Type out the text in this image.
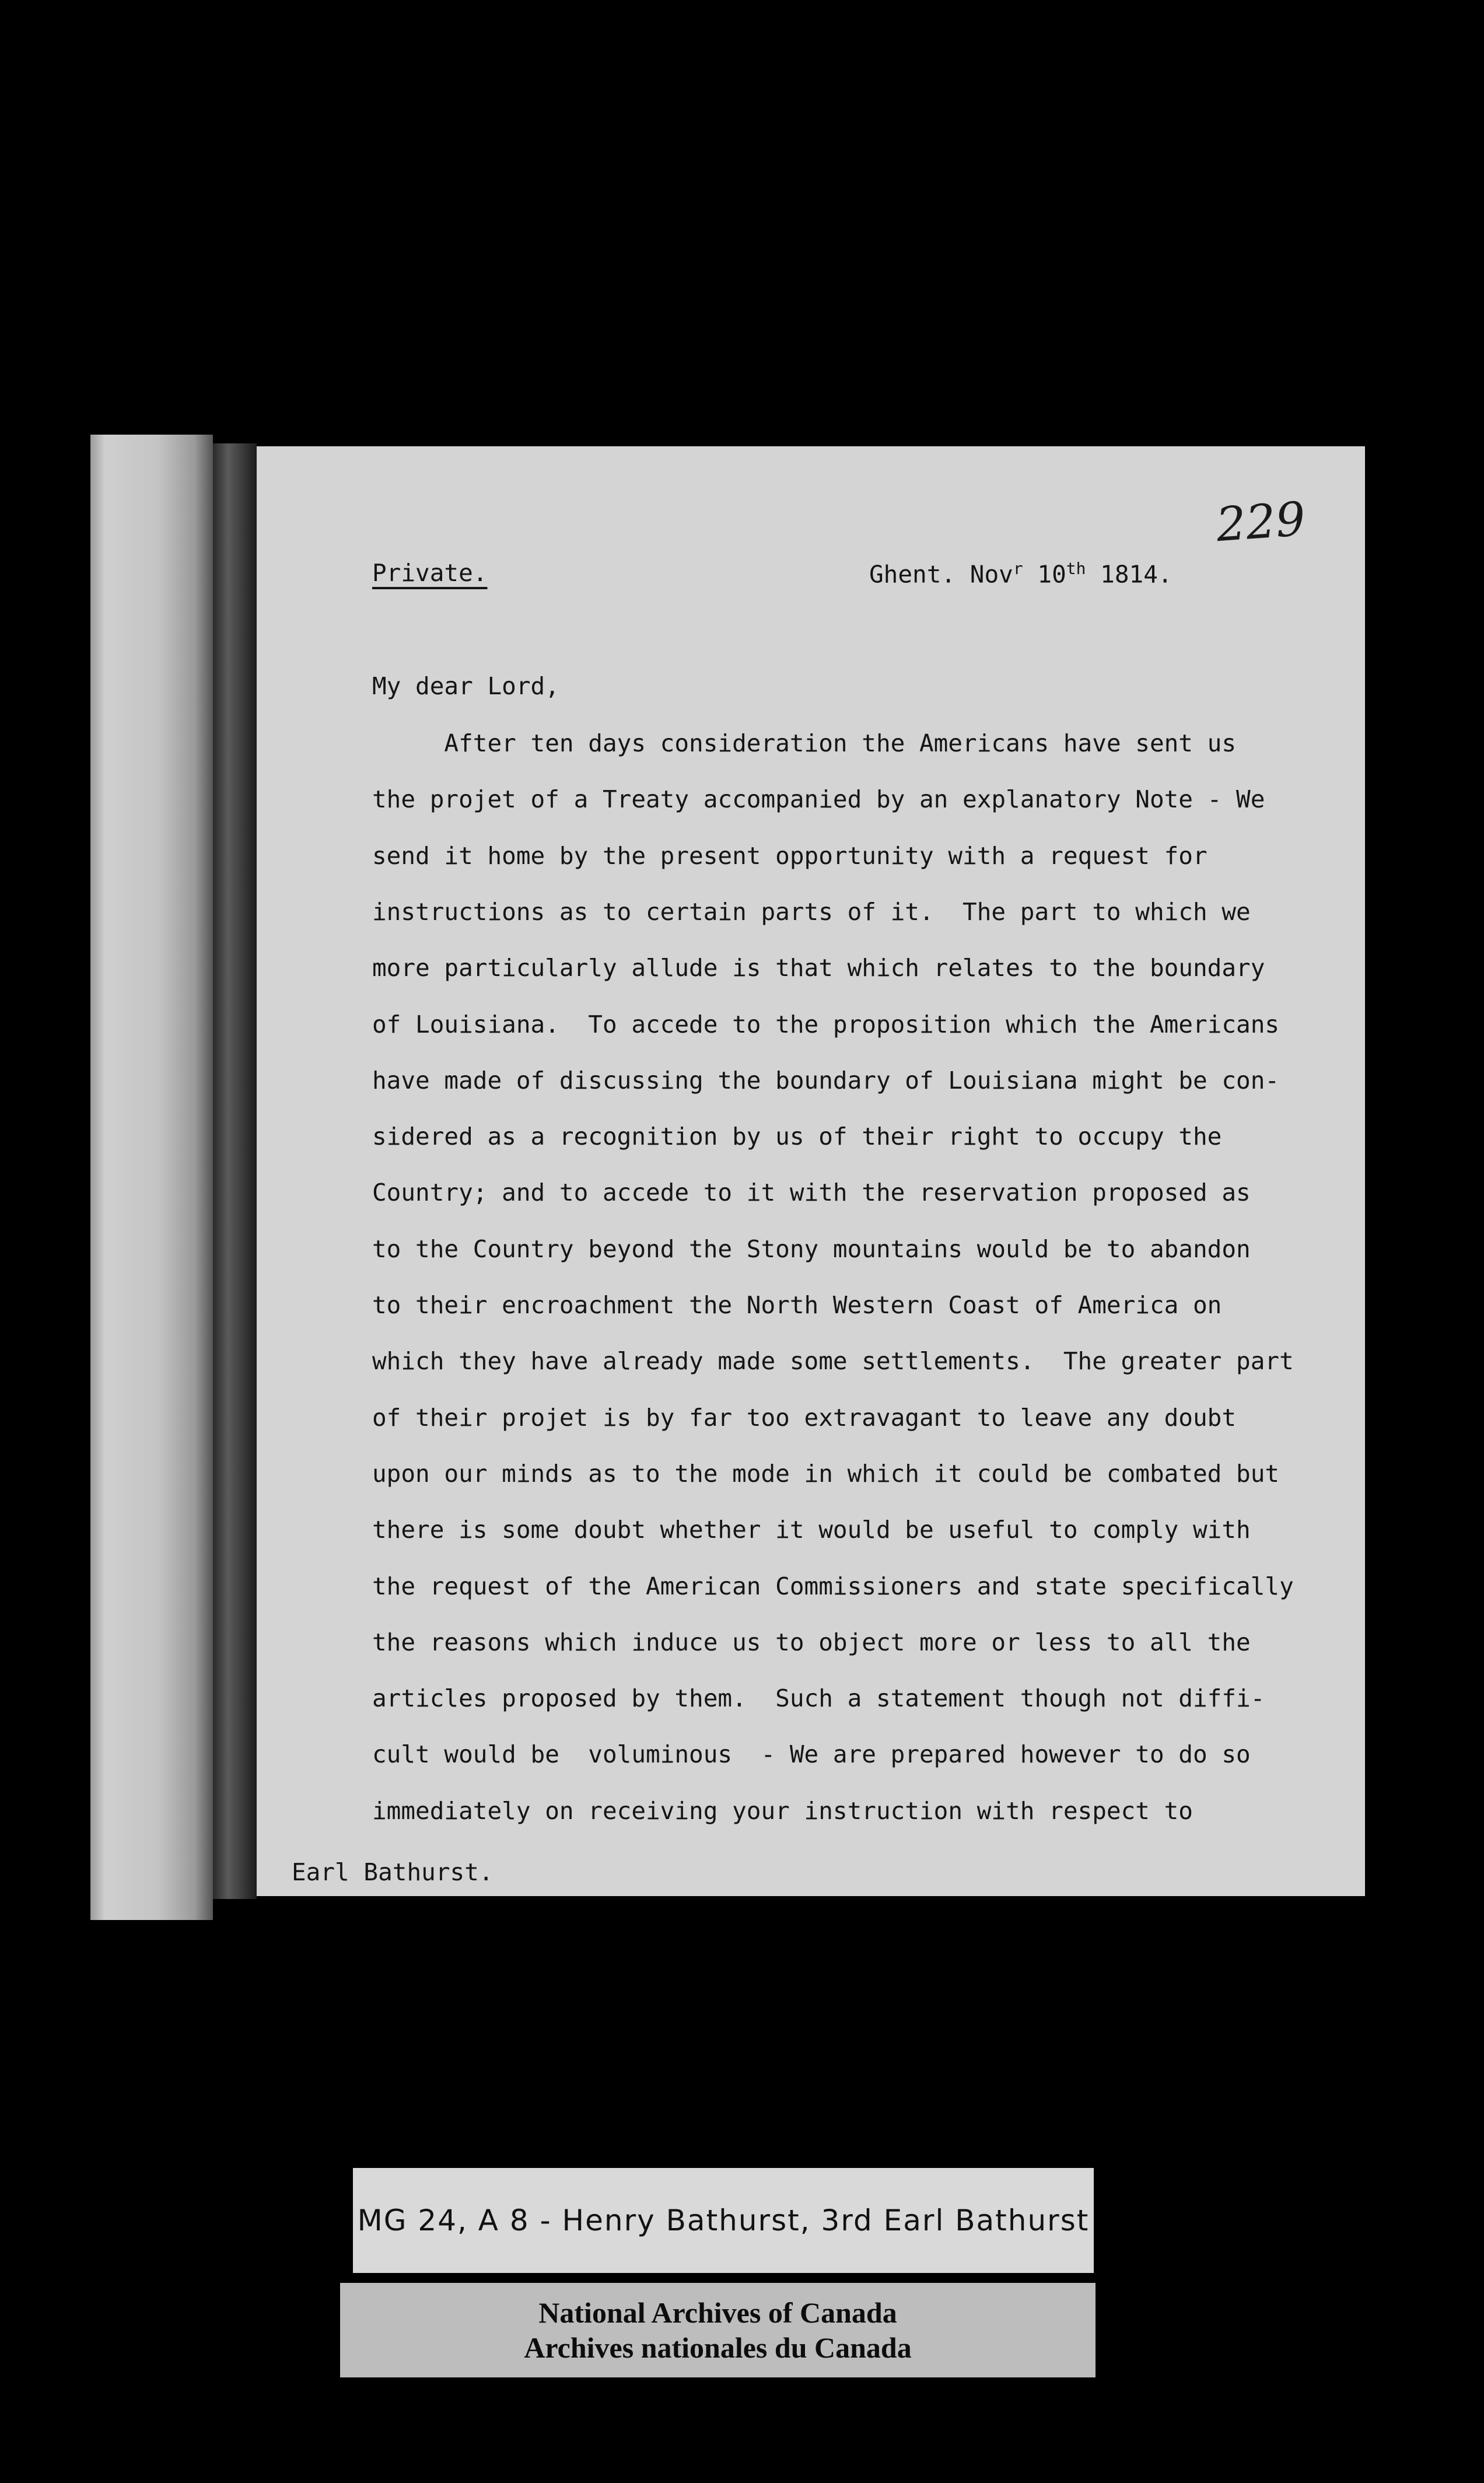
229
Private.	Ghent. Nov$^r$ 10th 1814.
My dear Lord,
After ten days consideration the Americans have sent us
the projet of a Treaty accompanied by an explanatory Note - We
send it home by the present opportunity with a request for
instructions as to certain parts of it.  The part to which we
more particularly allude is that which relates to the boundary
of Louisiana.  To accede to the proposition which the Americans
have made of discussing the boundary of Louisiana might be con-
sidered as a recognition by us of their right to occupy the
Country; and to accede to it with the reservation proposed as
to the Country beyond the Stony mountains would be to abandon
to their encroachment the North Western Coast of America on
which they have already made some settlements.  The greater part
of their projet is by far too extravagant to leave any doubt
upon our minds as to the mode in which it could be combated but
there is some doubt whether it would be useful to comply with
the request of the American Commissioners and state specifically
the reasons which induce us to object more or less to all the
articles proposed by them.  Such a statement though not diffi-
cult would be  voluminous  - We are prepared however to do so
immediately on receiving your instruction with respect to
Earl Bathurst.
MG 24, A 8 - Henry Bathurst, 3rd Earl Bathurst
National Archives of Canada
Archives nationales du Canada
